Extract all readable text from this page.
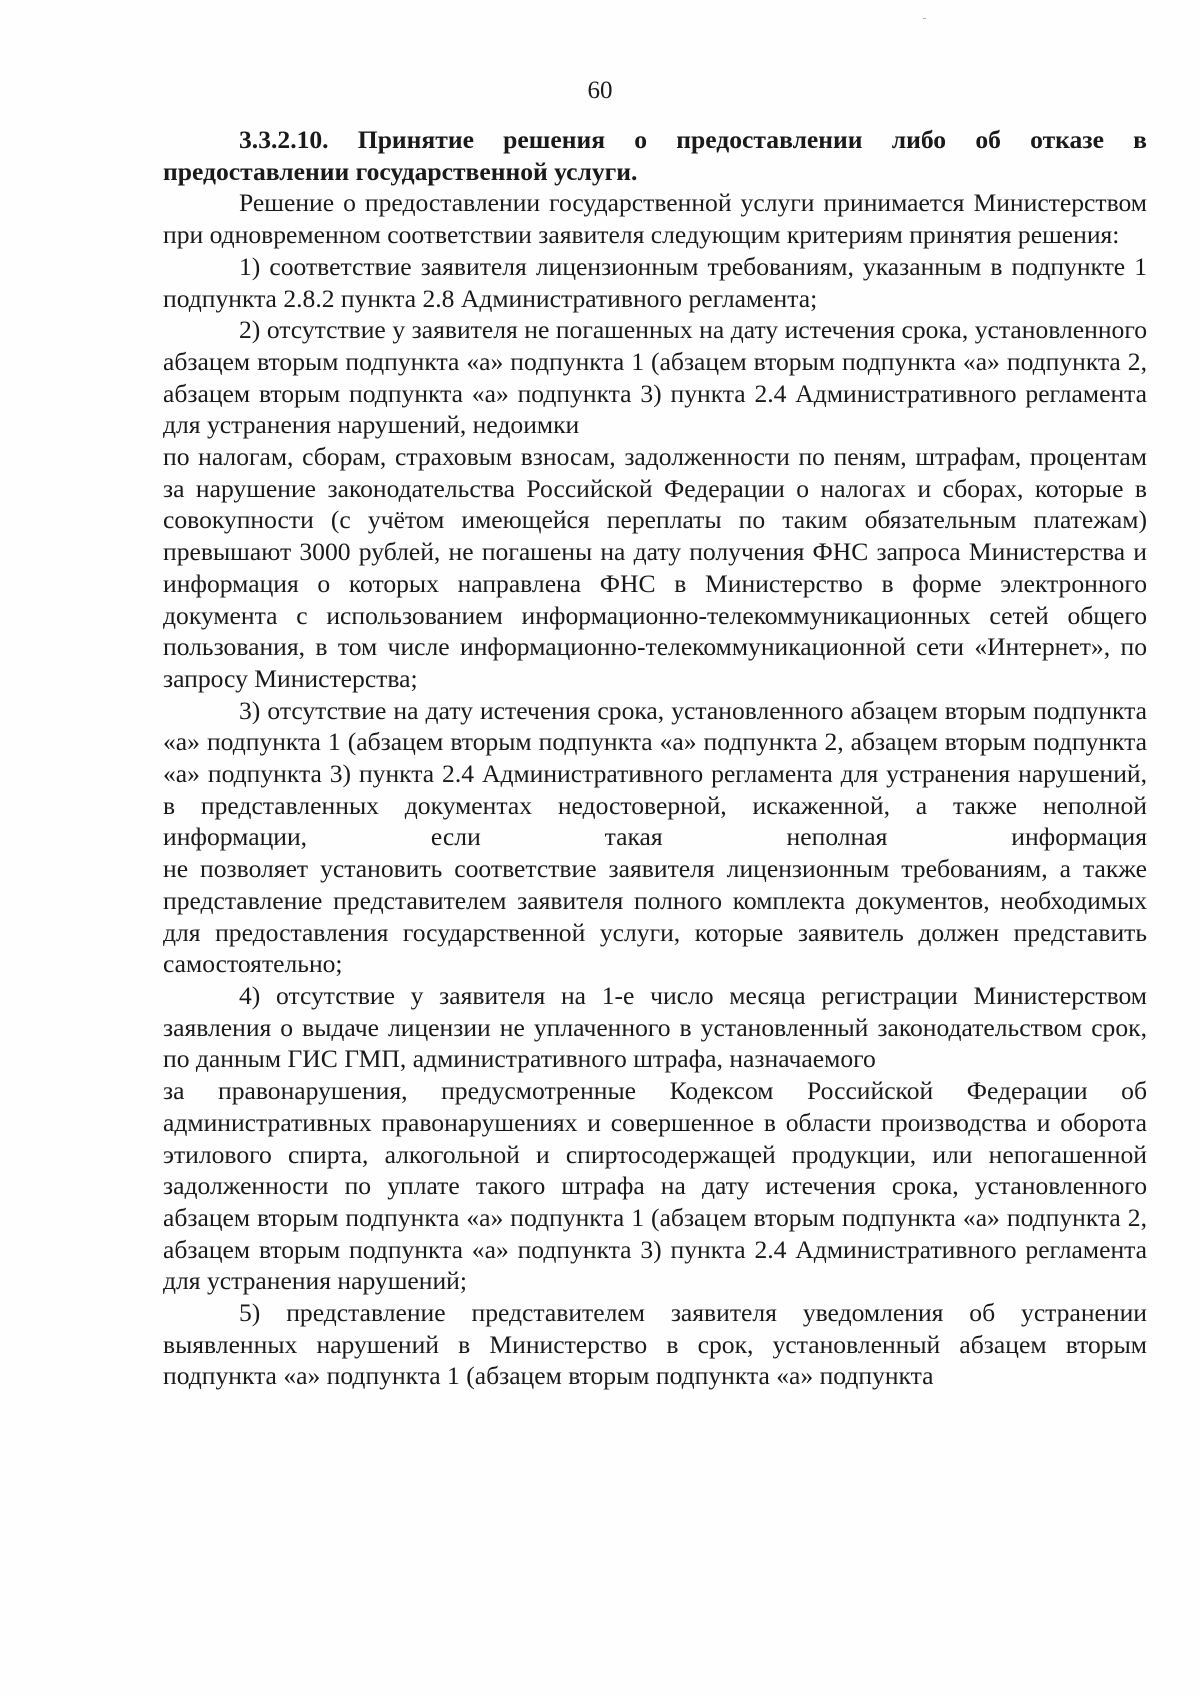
60

3.3.2.10. Принятие решения о предоставлении либо об отказе в предоставлении государственной услуги.

Решение о предоставлении государственной услуги принимается Министерством при одновременном соответствии заявителя следующим критериям принятия решения:

1) соответствие заявителя лицензионным требованиям, указанным в подпункте 1 подпункта 2.8.2 пункта 2.8 Административного регламента;

2) отсутствие у заявителя не погашенных на дату истечения срока, установленного абзацем вторым подпункта «а» подпункта 1 (абзацем вторым подпункта «а» подпункта 2, абзацем вторым подпункта «а» подпункта 3) пункта 2.4 Административного регламента для устранения нарушений, недоимки

по налогам, сборам, страховым взносам, задолженности по пеням, штрафам, процентам за нарушение законодательства Российской Федерации о налогах и сборах, которые в совокупности (с учётом имеющейся переплаты по таким обязательным платежам) превышают 3000 рублей, не погашены на дату получения ФНС запроса Министерства и информация о которых направлена ФНС в Министерство в форме электронного документа с использованием информационно-телекоммуникационных сетей общего пользования, в том числе информационно-телекоммуникационной сети «Интернет», по запросу Министерства;

3) отсутствие на дату истечения срока, установленного абзацем вторым подпункта «а» подпункта 1 (абзацем вторым подпункта «а» подпункта 2, абзацем вторым подпункта «а» подпункта 3) пункта 2.4 Административного регламента для устранения нарушений, в представленных документах недостоверной, искаженной, а также неполной информации, если такая неполная информация

не позволяет установить соответствие заявителя лицензионным требованиям, а также представление представителем заявителя полного комплекта документов, необходимых для предоставления государственной услуги, которые заявитель должен представить самостоятельно;

4) отсутствие у заявителя на 1-е число месяца регистрации Министерством заявления о выдаче лицензии не уплаченного в установленный законодательством срок, по данным ГИС ГМП, административного штрафа, назначаемого

за правонарушения, предусмотренные Кодексом Российской Федерации об административных правонарушениях и совершенное в области производства и оборота этилового спирта, алкогольной и спиртосодержащей продукции, или непогашенной задолженности по уплате такого штрафа на дату истечения срока, установленного абзацем вторым подпункта «а» подпункта 1 (абзацем вторым подпункта «а» подпункта 2, абзацем вторым подпункта «а» подпункта 3) пункта 2.4 Административного регламента для устранения нарушений;

5) представление представителем заявителя уведомления об устранении выявленных нарушений в Министерство в срок, установленный абзацем вторым подпункта «а» подпункта 1 (абзацем вторым подпункта «а» подпункта
